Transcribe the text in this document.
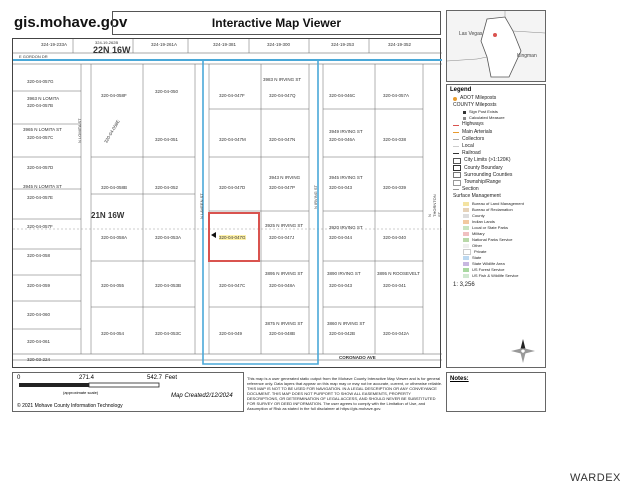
gis.mohave.gov	Interactive Map Viewer
324-19-233A	324-19-262B
22N 16W
324-19-261A	324-19-381	324-19-300	324-19-253	324-19-352
E GORDON DR
320-04-057G
3963 N LOMITA
320-04-057B
3965 N LOMITA ST
320-04-057C
320-04-057D
3945 N LOMITA ST
320-04-057E
320-04-057F
320-04-058
320-04-059
320-04-060
320-04-061
320-03-224
N LOMITA ST
320-04-058F
320-04-050
320-04-058E	320-04-051
320-04-058B	320-04-052
21N 16W
320-04-058A	320-04-053A
320-04-055	320-04-053B
320-04-054	320-04-053C
N LAVEEN ST
3983 N IRVING ST
320-04-047F	320-04-047Q
320-04-047M	320-04-047N
3943 N IRVING
320-04-047D	320-04-047P
320-04-047G
3925 N IRVING ST
320-04-047J
3895 N IRVING ST
320-04-047C	320-04-048A
3875 N IRVING ST
320-04-049	320-04-048B
N IRVING ST
320-04-046C	320-04-057A
3949 IRVING ST
320-04-046A	320-04-038
3945 IRVING ST
320-04-043	320-04-039
3920 IRVING ST
320-04-044	320-04-040
3890 IRVING ST	3895 N ROOSEVELT
320-04-043	320-04-041
3860 N IRVING ST
320-04-042B	320-04-042A
N THORNTON ST
CORONADO AVE
Las Vegas
Kingman
Legend
ADOT Mileposts
COUNTY Mileposts
Sign Post Exists
Calculated Measure
Highways
Main Arterials
Collectors
Local
Railroad
City Limits (>1:120K)
County Boundary
Surrounding Counties
Township/Range
Section
Surface Management
Bureau of Land Management
Bureau of Reclamation
County
Indian Lands
Local or State Parks
Military
National Parks Service
Other
Private
State
State Wildlife Area
US Forest Service
US Fish & Wildlife Service
1: 3,256
0	271.4	542.7 Feet
(approximate scale)
Map Created:
2/12/2024
© 2021 Mohave County Information Technology
This map is a user generated static output from the Mohave County Interactive Map Viewer and is for general reference only. Data layers that appear on this map may or may not be accurate, current, or otherwise reliable. THIS MAP IS NOT TO BE USED FOR NAVIGATION. IN A LEGAL DESCRIPTION OR ANY CONVEYANCE DOCUMENT. THIS MAP DOES NOT PURPORT TO SHOW ALL EASEMENTS, PROPERTY DESCRIPTIONS, OR DETERMINATION OF LEGAL ACCESS, AND SHOULD NEVER BE SUBSTITUTED FOR SURVEY OR DEED INFORMATION. The user agrees to comply with the Limitation of Use, and Assumption of Risk as stated in the full disclaimer at https://gis.mohave.gov.
Notes:
WARDEX
